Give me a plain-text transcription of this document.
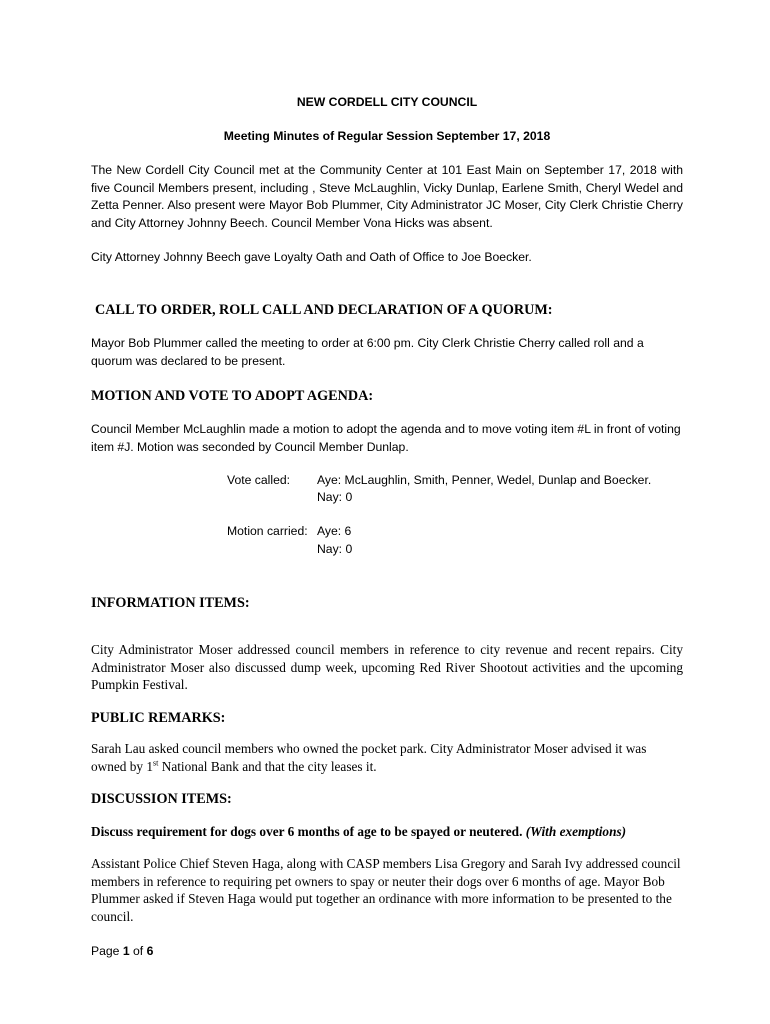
NEW CORDELL CITY COUNCIL

Meeting Minutes of Regular Session September 17, 2018

The New Cordell City Council met at the Community Center at 101 East Main on September 17, 2018 with five Council Members present, including , Steve McLaughlin, Vicky Dunlap, Earlene Smith, Cheryl Wedel and Zetta Penner. Also present were Mayor Bob Plummer, City Administrator JC Moser, City Clerk Christie Cherry and City Attorney Johnny Beech. Council Member Vona Hicks was absent.

City Attorney Johnny Beech gave Loyalty Oath and Oath of Office to Joe Boecker.

CALL TO ORDER, ROLL CALL AND DECLARATION OF A QUORUM:

Mayor Bob Plummer called the meeting to order at 6:00 pm. City Clerk Christie Cherry called roll and a quorum was declared to be present.

MOTION AND VOTE TO ADOPT AGENDA:

Council Member McLaughlin made a motion to adopt the agenda and to move voting item #L in front of voting item #J. Motion was seconded by Council Member Dunlap.

Vote called: Aye: McLaughlin, Smith, Penner, Wedel, Dunlap and Boecker.
Nay: 0
Motion carried: Aye: 6
Nay: 0

INFORMATION ITEMS:

City Administrator Moser addressed council members in reference to city revenue and recent repairs. City Administrator Moser also discussed dump week, upcoming Red River Shootout activities and the upcoming Pumpkin Festival.

PUBLIC REMARKS:

Sarah Lau asked council members who owned the pocket park. City Administrator Moser advised it was owned by 1st National Bank and that the city leases it.

DISCUSSION ITEMS:

Discuss requirement for dogs over 6 months of age to be spayed or neutered. (With exemptions)

Assistant Police Chief Steven Haga, along with CASP members Lisa Gregory and Sarah Ivy addressed council members in reference to requiring pet owners to spay or neuter their dogs over 6 months of age. Mayor Bob Plummer asked if Steven Haga would put together an ordinance with more information to be presented to the council.

Page 1 of 6
